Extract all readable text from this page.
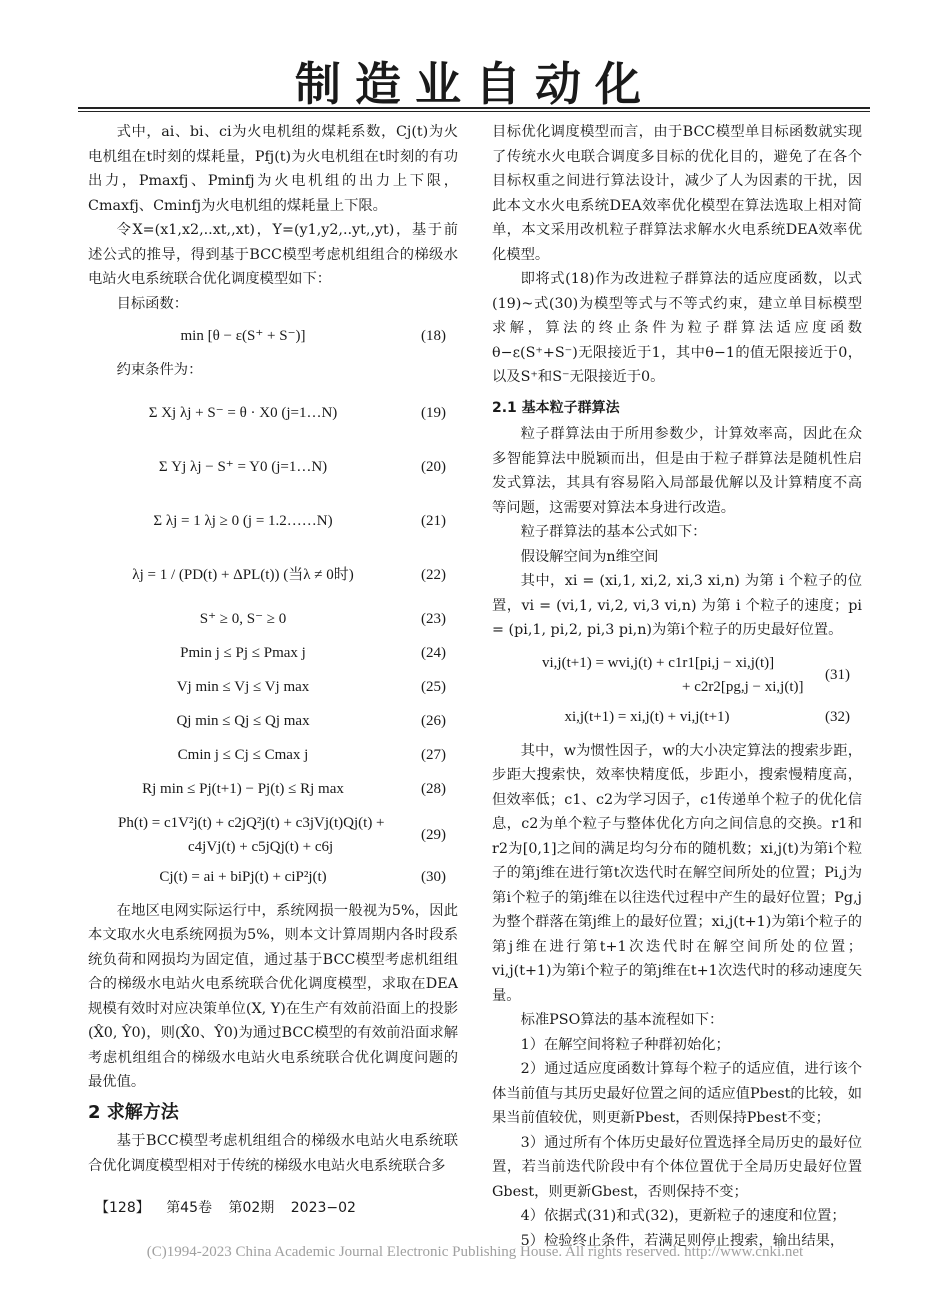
制造业自动化

式中，ai、bi、ci为火电机组的煤耗系数，Cj(t)为火电机组在t时刻的煤耗量，Pfj(t)为火电机组在t时刻的有功出力，Pmaxfj、Pminfj为火电机组的出力上下限，Cmaxfj、Cminfj为火电机组的煤耗量上下限。

令X=(x1,x2,..xt,,xt)，Y=(y1,y2,..yt,,yt)，基于前述公式的推导，得到基于BCC模型考虑机组组合的梯级水电站火电系统联合优化调度模型如下：

目标函数：

min [θ − ε(S⁺ + S⁻)]	(18)

约束条件为：

Σ Xj λj + S⁻ = θ · X0 (j=1…N)	(19)
Σ Yj λj − S⁺ = Y0 (j=1…N)	(20)
Σ λj = 1 λj ≥ 0 (j = 1.2……N)	(21)
λj = 1 / (PD(t) + ΔPL(t)) (当λ ≠ 0时)	(22)
S⁺ ≥ 0, S⁻ ≥ 0	(23)
Pmin j ≤ Pj ≤ Pmax j	(24)
Vj min ≤ Vj ≤ Vj max	(25)
Qj min ≤ Qj ≤ Qj max	(26)
Cmin j ≤ Cj ≤ Cmax j	(27)
Rj min ≤ Pj(t+1) − Pj(t) ≤ Rj max	(28)
Ph(t) = c1V²j(t) + c2jQ²j(t) + c3jVj(t)Qj(t) +
c4jVj(t) + c5jQj(t) + c6j
(29)
Cj(t) = ai + biPj(t) + ciP²j(t)	(30)

在地区电网实际运行中，系统网损一般视为5%，因此本文取水火电系统网损为5%，则本文计算周期内各时段系统负荷和网损均为固定值，通过基于BCC模型考虑机组组合的梯级水电站火电系统联合优化调度模型，求取在DEA规模有效时对应决策单位(X, Y)在生产有效前沿面上的投影(X̂0, Ŷ0)，则(X̂0、Ŷ0)为通过BCC模型的有效前沿面求解考虑机组组合的梯级水电站火电系统联合优化调度问题的最优值。

2 求解方法

基于BCC模型考虑机组组合的梯级水电站火电系统联合优化调度模型相对于传统的梯级水电站火电系统联合多

目标优化调度模型而言，由于BCC模型单目标函数就实现了传统水火电联合调度多目标的优化目的，避免了在各个目标权重之间进行算法设计，减少了人为因素的干扰，因此本文水火电系统DEA效率优化模型在算法选取上相对简单，本文采用改机粒子群算法求解水火电系统DEA效率优化模型。

即将式(18)作为改进粒子群算法的适应度函数，以式(19)~式(30)为模型等式与不等式约束，建立单目标模型求解，算法的终止条件为粒子群算法适应度函数θ−ε(S⁺+S⁻)无限接近于1，其中θ−1的值无限接近于0，以及S⁺和S⁻无限接近于0。

2.1 基本粒子群算法

粒子群算法由于所用参数少，计算效率高，因此在众多智能算法中脱颖而出，但是由于粒子群算法是随机性启发式算法，其具有容易陷入局部最优解以及计算精度不高等问题，这需要对算法本身进行改造。

粒子群算法的基本公式如下：

假设解空间为n维空间

其中，xi = (xi,1, xi,2, xi,3 xi,n) 为第 i 个粒子的位置，vi = (vi,1, vi,2, vi,3 vi,n) 为第 i 个粒子的速度；pi = (pi,1, pi,2, pi,3 pi,n)为第i个粒子的历史最好位置。

vi,j(t+1) = wvi,j(t) + c1r1[pi,j − xi,j(t)]
+ c2r2[pg,j − xi,j(t)]
(31)
xi,j(t+1) = xi,j(t) + vi,j(t+1)	(32)

其中，w为惯性因子，w的大小决定算法的搜索步距，步距大搜索快，效率快精度低，步距小，搜索慢精度高，但效率低；c1、c2为学习因子，c1传递单个粒子的优化信息，c2为单个粒子与整体优化方向之间信息的交换。r1和r2为[0,1]之间的满足均匀分布的随机数；xi,j(t)为第i个粒子的第j维在进行第t次迭代时在解空间所处的位置；Pi,j为第i个粒子的第j维在以往迭代过程中产生的最好位置；Pg,j为整个群落在第j维上的最好位置；xi,j(t+1)为第i个粒子的第j维在进行第t+1次迭代时在解空间所处的位置；vi,j(t+1)为第i个粒子的第j维在t+1次迭代时的移动速度矢量。

标准PSO算法的基本流程如下：

1）在解空间将粒子种群初始化；

2）通过适应度函数计算每个粒子的适应值，进行该个体当前值与其历史最好位置之间的适应值Pbest的比较，如果当前值较优，则更新Pbest，否则保持Pbest不变；

3）通过所有个体历史最好位置选择全局历史的最好位置，若当前迭代阶段中有个体位置优于全局历史最好位置Gbest，则更新Gbest，否则保持不变；

4）依据式(31)和式(32)，更新粒子的速度和位置；

5）检验终止条件，若满足则停止搜索，输出结果，

【128】 第45卷 第02期 2023−02
(C)1994-2023 China Academic Journal Electronic Publishing House. All rights reserved. http://www.cnki.net
